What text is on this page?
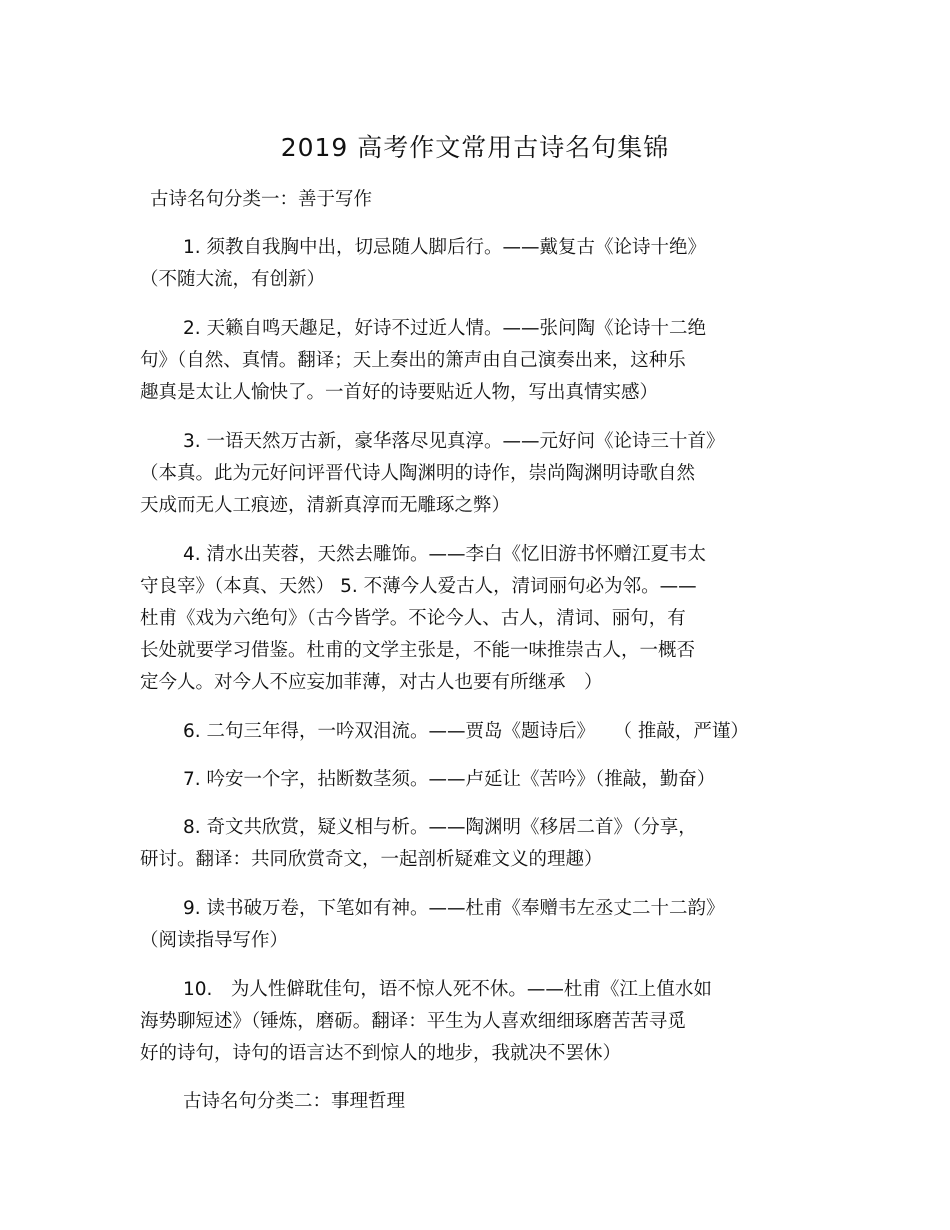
2019 高考作文常用古诗名句集锦
古诗名句分类一：善于写作
1. 须教自我胸中出，切忌随人脚后行。——戴复古《论诗十绝》
（不随大流，有创新）
2. 天籁自鸣天趣足，好诗不过近人情。——张问陶《论诗十二绝
句》（自然、真情。翻译；天上奏出的箫声由自己演奏出来，这种乐
趣真是太让人愉快了。一首好的诗要贴近人物，写出真情实感）
3. 一语天然万古新，豪华落尽见真淳。——元好问《论诗三十首》
（本真。此为元好问评晋代诗人陶渊明的诗作，崇尚陶渊明诗歌自然
天成而无人工痕迹，清新真淳而无雕琢之弊）
4. 清水出芙蓉，天然去雕饰。——李白《忆旧游书怀赠江夏韦太
守良宰》（本真、天然） 5. 不薄今人爱古人，清词丽句必为邻。——
杜甫《戏为六绝句》（古今皆学。不论今人、古人，清词、丽句，有
长处就要学习借鉴。杜甫的文学主张是，不能一味推崇古人，一概否
定今人。对今人不应妄加菲薄，对古人也要有所继承　）
6. 二句三年得，一吟双泪流。——贾岛《题诗后》　　（ 推敲，严谨）
7. 吟安一个字，拈断数茎须。——卢延让《苦吟》（推敲，勤奋）
8. 奇文共欣赏，疑义相与析。——陶渊明《移居二首》（分享，
研讨。翻译：共同欣赏奇文，一起剖析疑难文义的理趣）
9. 读书破万卷，下笔如有神。——杜甫《奉赠韦左丞丈二十二韵》
（阅读指导写作）
10.　为人性僻耽佳句，语不惊人死不休。——杜甫《江上值水如
海势聊短述》（锤炼，磨砺。翻译：平生为人喜欢细细琢磨苦苦寻觅
好的诗句，诗句的语言达不到惊人的地步，我就决不罢休）
古诗名句分类二：事理哲理
